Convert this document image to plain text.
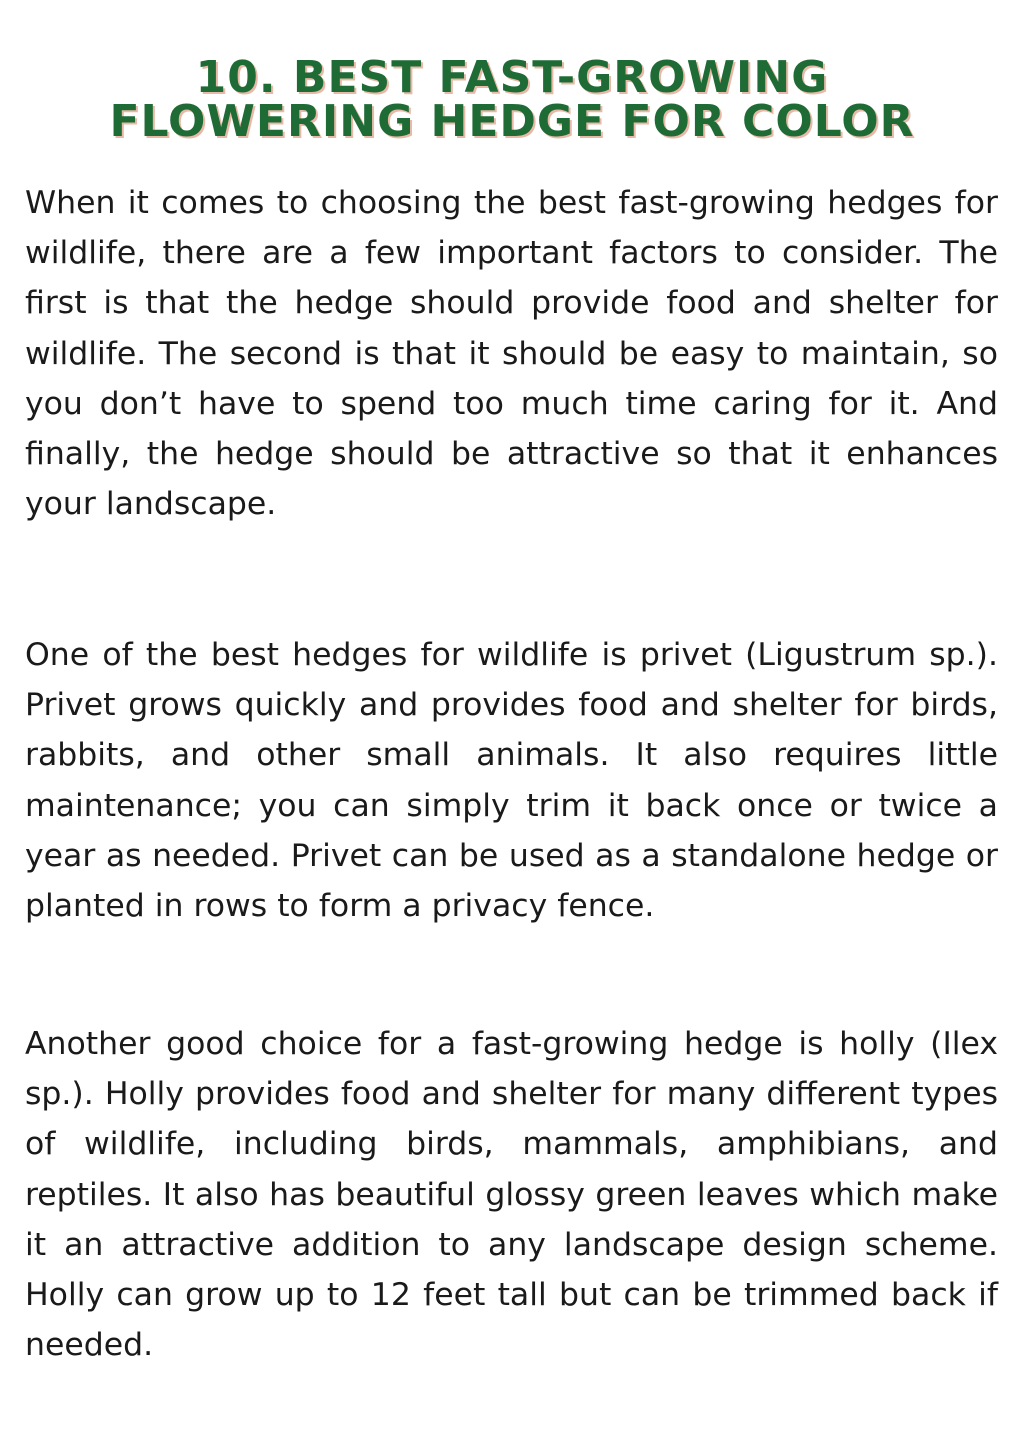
10. BEST FAST-GROWING
FLOWERING HEDGE FOR COLOR

When it comes to choosing the best fast-growing hedges for wildlife, there are a few important factors to consider. The first is that the hedge should provide food and shelter for wildlife. The second is that it should be easy to maintain, so you don’t have to spend too much time caring for it. And finally, the hedge should be attractive so that it enhances your landscape.

One of the best hedges for wildlife is privet (Ligustrum sp.). Privet grows quickly and provides food and shelter for birds, rabbits, and other small animals. It also requires little maintenance; you can simply trim it back once or twice a year as needed. Privet can be used as a standalone hedge or planted in rows to form a privacy fence.

Another good choice for a fast-growing hedge is holly (Ilex sp.). Holly provides food and shelter for many different types of wildlife, including birds, mammals, amphibians, and reptiles. It also has beautiful glossy green leaves which make it an attractive addition to any landscape design scheme. Holly can grow up to 12 feet tall but can be trimmed back if needed.
